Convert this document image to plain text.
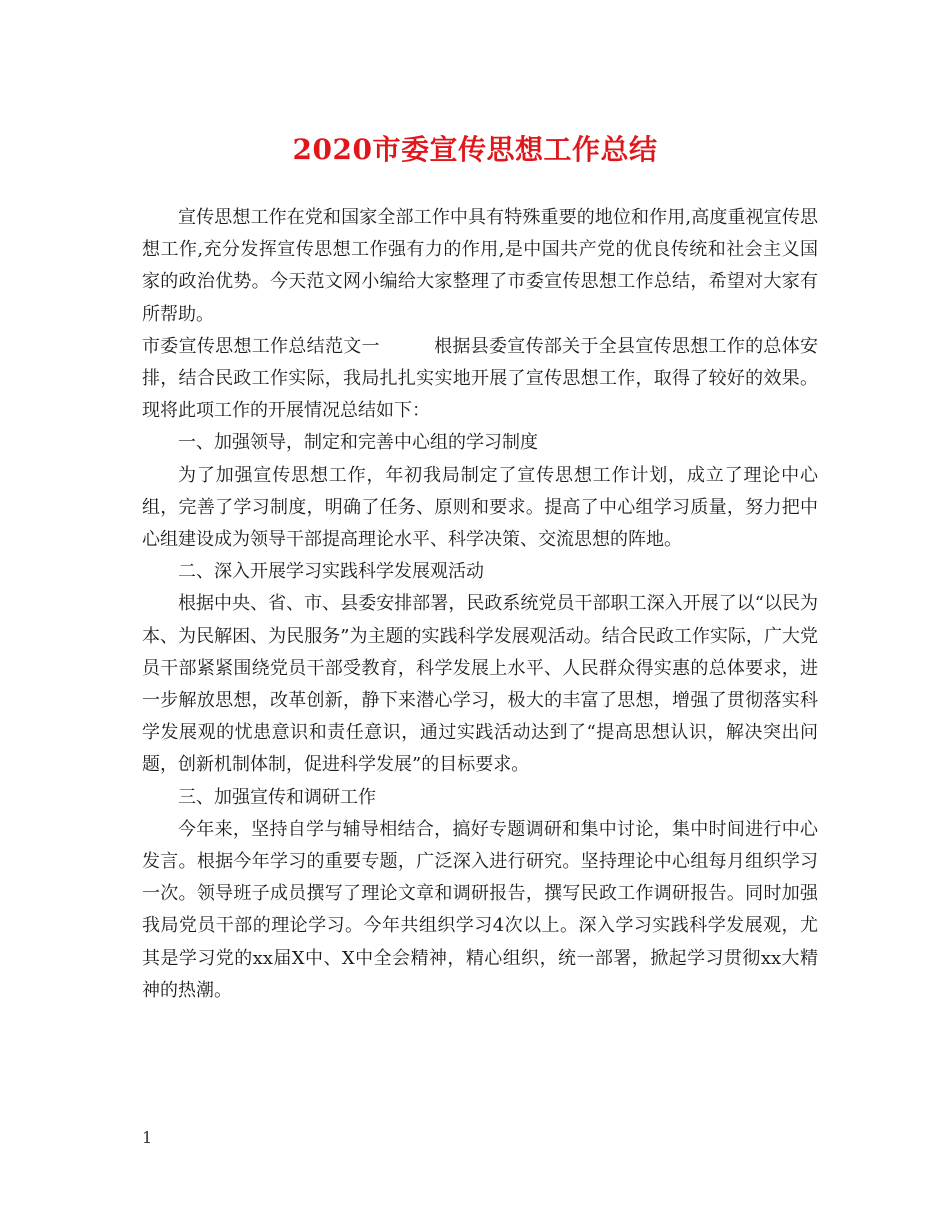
2020市委宣传思想工作总结

宣传思想工作在党和国家全部工作中具有特殊重要的地位和作用,高度重视宣传思想工作,充分发挥宣传思想工作强有力的作用,是中国共产党的优良传统和社会主义国家的政治优势。今天范文网小编给大家整理了市委宣传思想工作总结，希望对大家有所帮助。

市委宣传思想工作总结范文一	根据县委宣传部关于全县宣传思想工作的总体安排，结合民政工作实际，我局扎扎实实地开展了宣传思想工作，取得了较好的效果。现将此项工作的开展情况总结如下：

一、加强领导，制定和完善中心组的学习制度

为了加强宣传思想工作，年初我局制定了宣传思想工作计划，成立了理论中心组，完善了学习制度，明确了任务、原则和要求。提高了中心组学习质量，努力把中心组建设成为领导干部提高理论水平、科学决策、交流思想的阵地。

二、深入开展学习实践科学发展观活动

根据中央、省、市、县委安排部署，民政系统党员干部职工深入开展了以“以民为本、为民解困、为民服务”为主题的实践科学发展观活动。结合民政工作实际，广大党员干部紧紧围绕党员干部受教育，科学发展上水平、人民群众得实惠的总体要求，进一步解放思想，改革创新，静下来潜心学习，极大的丰富了思想，增强了贯彻落实科学发展观的忧患意识和责任意识，通过实践活动达到了“提高思想认识，解决突出问题，创新机制体制，促进科学发展”的目标要求。

三、加强宣传和调研工作

今年来，坚持自学与辅导相结合，搞好专题调研和集中讨论，集中时间进行中心发言。根据今年学习的重要专题，广泛深入进行研究。坚持理论中心组每月组织学习一次。领导班子成员撰写了理论文章和调研报告，撰写民政工作调研报告。同时加强我局党员干部的理论学习。今年共组织学习4次以上。深入学习实践科学发展观，尤其是学习党的xx届X中、X中全会精神，精心组织，统一部署，掀起学习贯彻xx大精神的热潮。

1
